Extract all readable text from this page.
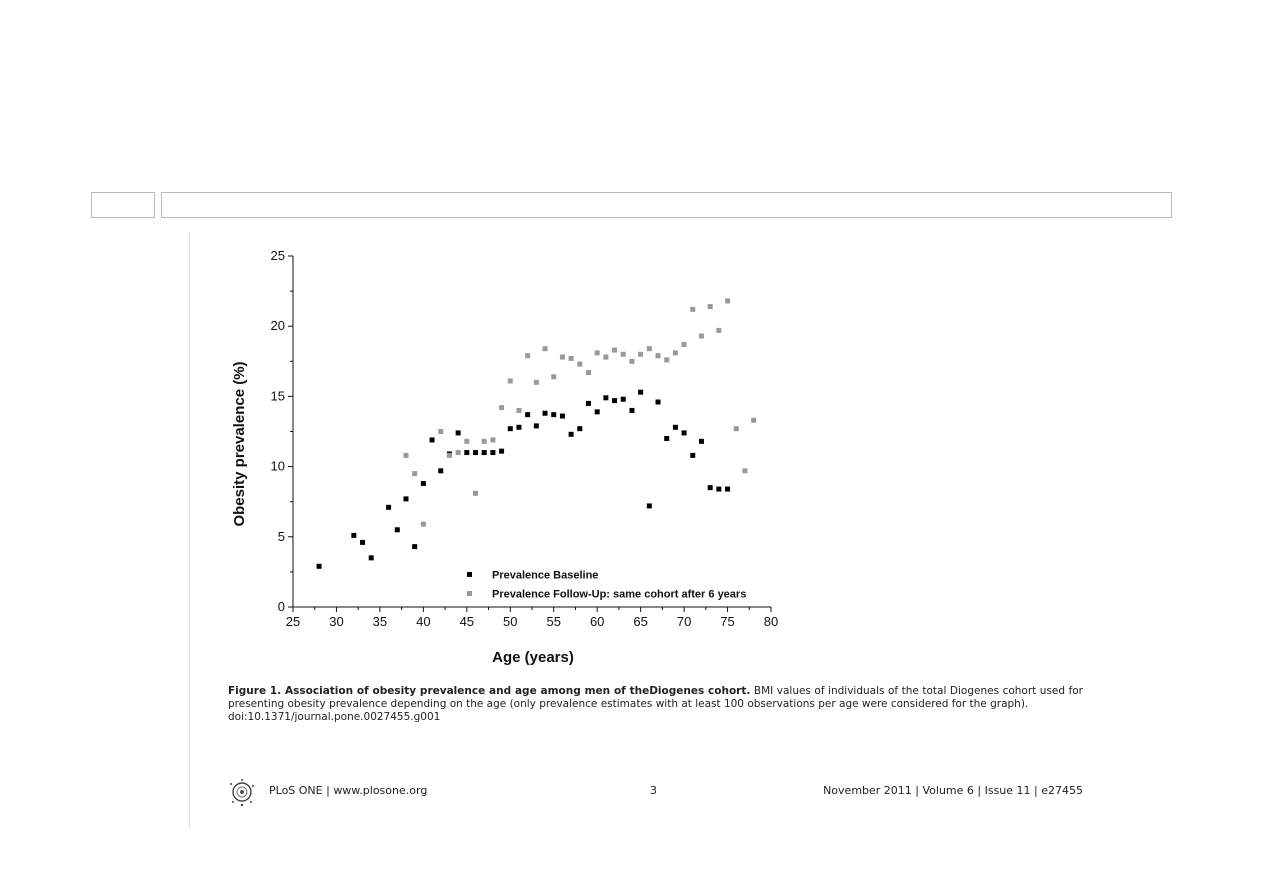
25 30 35 40 45 50 55 60 65 70 75 80
0
5
10
15
20
25
Prevalence Baseline
Prevalence Follow-Up: same cohort after 6 years
Age (years)
Obesity prevalence (%)
Figure 1. Association of obesity prevalence and age among men of theDiogenes cohort. BMI values of individuals of the total Diogenes cohort used for presenting obesity prevalence depending on the age (only prevalence estimates with at least 100 observations per age were considered for the graph).
doi:10.1371/journal.pone.0027455.g001
PLoS ONE | www.plosone.org	3	November 2011 | Volume 6 | Issue 11 | e27455
